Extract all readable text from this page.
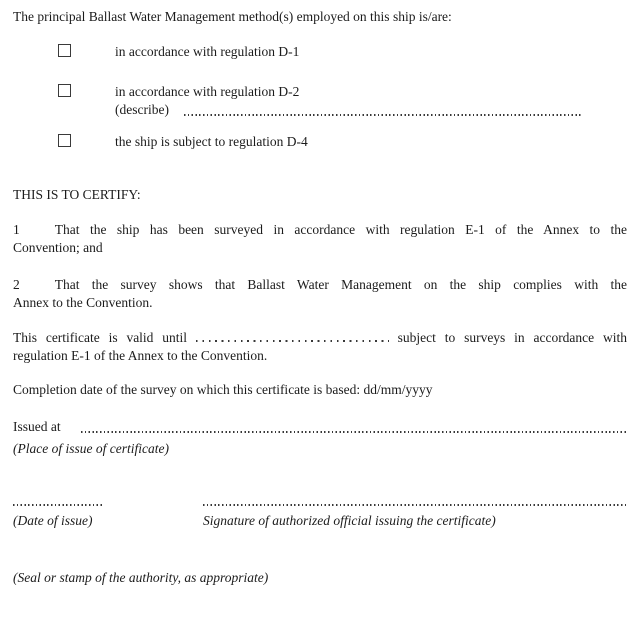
The principal Ballast Water Management method(s) employed on this ship is/are:
in accordance with regulation D-1
in accordance with regulation D-2
(describe)
the ship is subject to regulation D-4
THIS IS TO CERTIFY:
1	That the ship has been surveyed in accordance with regulation E-1 of the Annex to the
Convention; and
2	That the survey shows that Ballast Water Management on the ship complies with the
Annex to the Convention.
This certificate is valid until	subject to surveys in accordance with
regulation E-1 of the Annex to the Convention.
Completion date of the survey on which this certificate is based: dd/mm/yyyy
Issued at
(Place of issue of certificate)
(Date of issue)	Signature of authorized official issuing the certificate)
(Seal or stamp of the authority, as appropriate)
